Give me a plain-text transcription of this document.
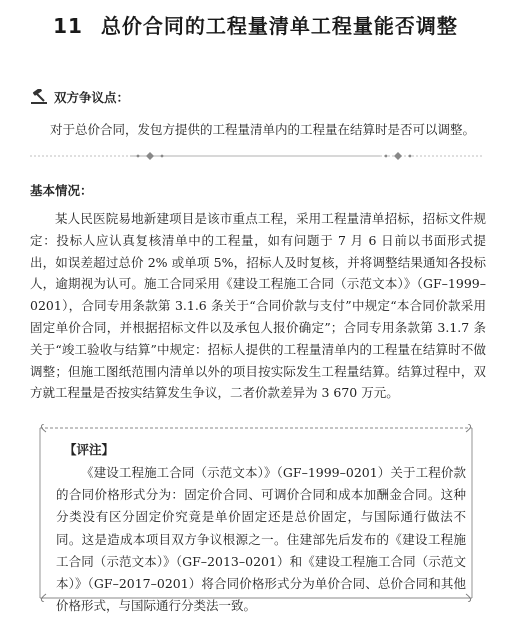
11 总价合同的工程量清单工程量能否调整
双方争议点：
对于总价合同，发包方提供的工程量清单内的工程量在结算时是否可以调整。
基本情况：

某人民医院易地新建项目是该市重点工程，采用工程量清单招标，招标文件规定：投标人应认真复核清单中的工程量，如有问题于 7 月 6 日前以书面形式提出，如误差超过总价 2% 或单项 5%，招标人及时复核，并将调整结果通知各投标人，逾期视为认可。施工合同采用《建设工程施工合同（示范文本）》（GF–1999–0201），合同专用条款第 3.1.6 条关于“合同价款与支付”中规定“本合同价款采用固定单价合同，并根据招标文件以及承包人报价确定”；合同专用条款第 3.1.7 条关于“竣工验收与结算”中规定：招标人提供的工程量清单内的工程量在结算时不做调整；但施工图纸范围内清单以外的项目按实际发生工程量结算。结算过程中，双方就工程量是否按实结算发生争议，二者价款差异为 3 670 万元。

【评注】

《建设工程施工合同（示范文本）》（GF–1999–0201）关于工程价款的合同价格形式分为：固定价合同、可调价合同和成本加酬金合同。这种分类没有区分固定价究竟是单价固定还是总价固定，与国际通行做法不同。这是造成本项目双方争议根源之一。住建部先后发布的《建设工程施工合同（示范文本）》（GF–2013–0201）和《建设工程施工合同（示范文本）》（GF–2017–0201）将合同价格形式分为单价合同、总价合同和其他价格形式，与国际通行分类法一致。
